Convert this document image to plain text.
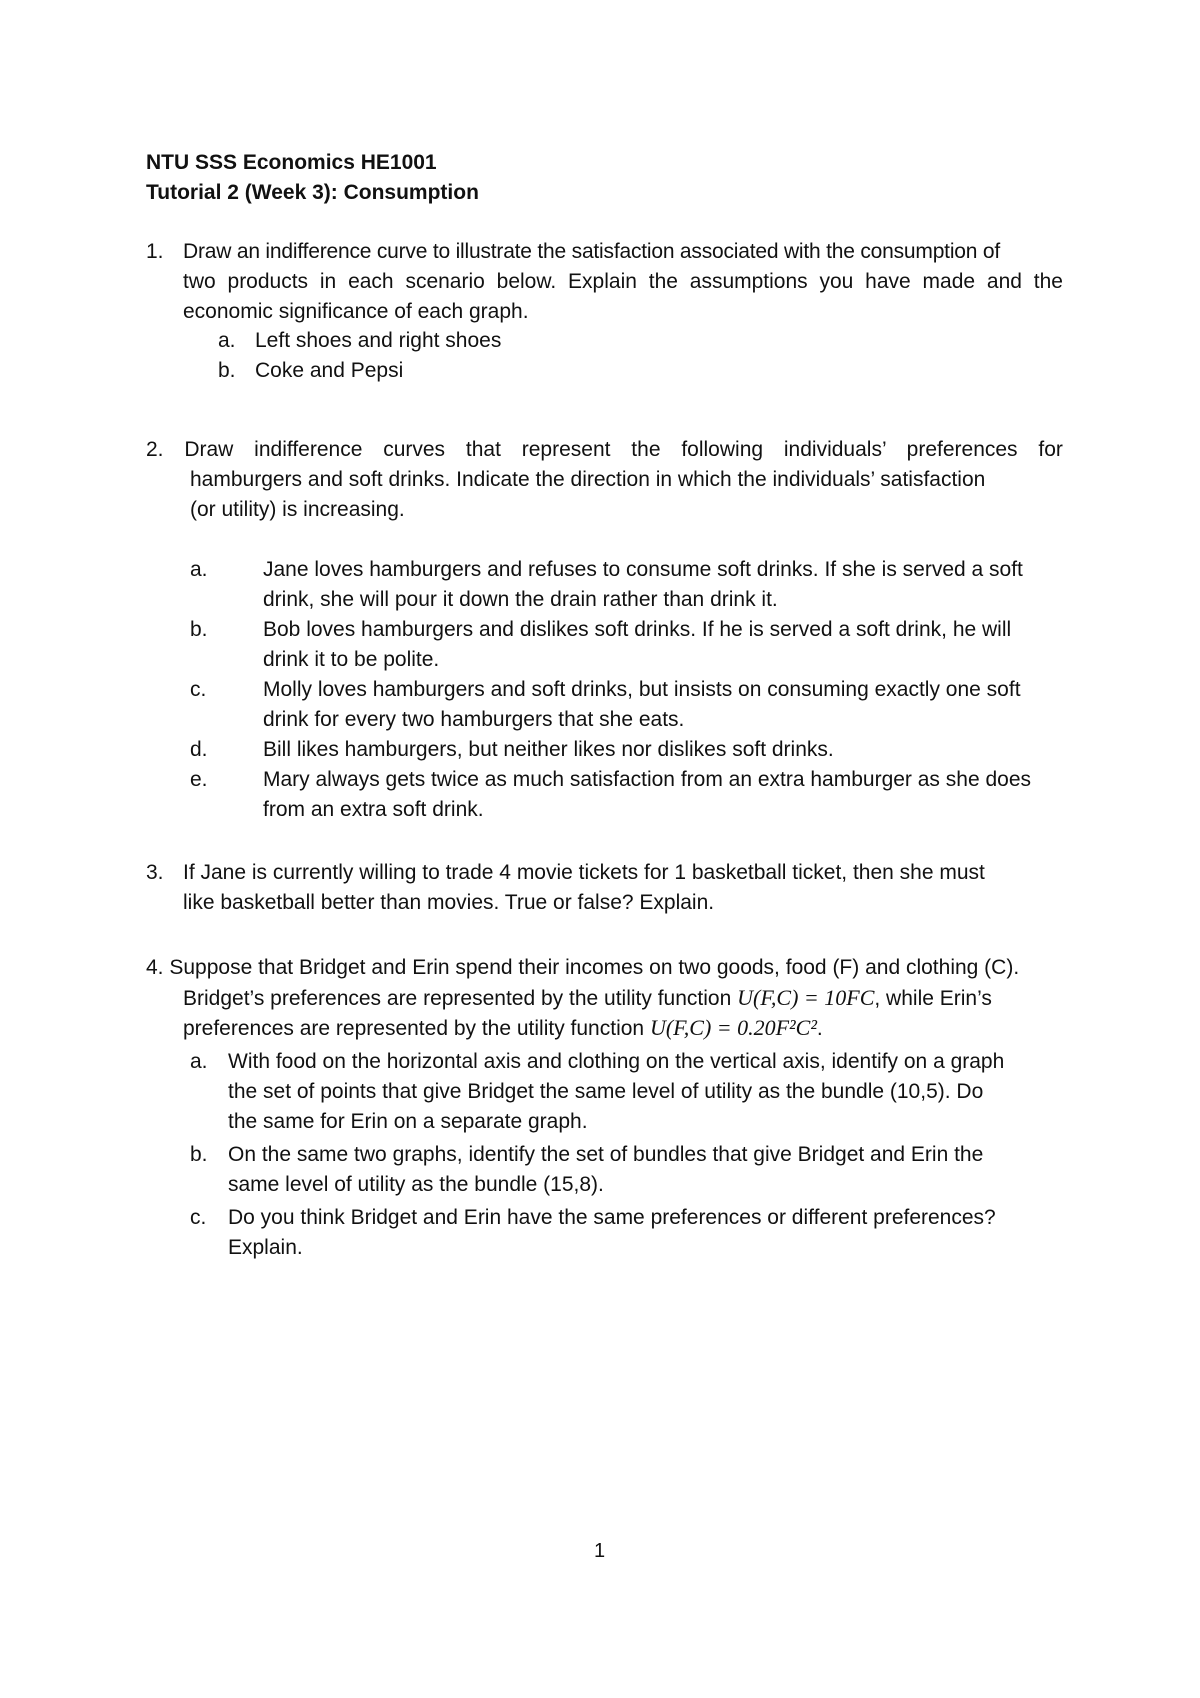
NTU SSS Economics HE1001
Tutorial 2 (Week 3): Consumption
1. Draw an indifference curve to illustrate the satisfaction associated with the consumption of
two products in each scenario below. Explain the assumptions you have made and the
economic significance of each graph.
a. Left shoes and right shoes
b. Coke and Pepsi
2. Draw indifference curves that represent the following individuals’ preferences for
hamburgers and soft drinks. Indicate the direction in which the individuals’ satisfaction
(or utility) is increasing.
a.	Jane loves hamburgers and refuses to consume soft drinks. If she is served a soft
drink, she will pour it down the drain rather than drink it.
b.	Bob loves hamburgers and dislikes soft drinks. If he is served a soft drink, he will
drink it to be polite.
c.	Molly loves hamburgers and soft drinks, but insists on consuming exactly one soft
drink for every two hamburgers that she eats.
d.	Bill likes hamburgers, but neither likes nor dislikes soft drinks.
e.	Mary always gets twice as much satisfaction from an extra hamburger as she does
from an extra soft drink.
3. If Jane is currently willing to trade 4 movie tickets for 1 basketball ticket, then she must
like basketball better than movies. True or false? Explain.
4. Suppose that Bridget and Erin spend their incomes on two goods, food (F) and clothing (C).
Bridget’s preferences are represented by the utility function U(F,C) = 10FC, while Erin’s
preferences are represented by the utility function U(F,C) = 0.20F²C².
a. With food on the horizontal axis and clothing on the vertical axis, identify on a graph
the set of points that give Bridget the same level of utility as the bundle (10,5). Do
the same for Erin on a separate graph.
b. On the same two graphs, identify the set of bundles that give Bridget and Erin the
same level of utility as the bundle (15,8).
c. Do you think Bridget and Erin have the same preferences or different preferences?
Explain.
1
